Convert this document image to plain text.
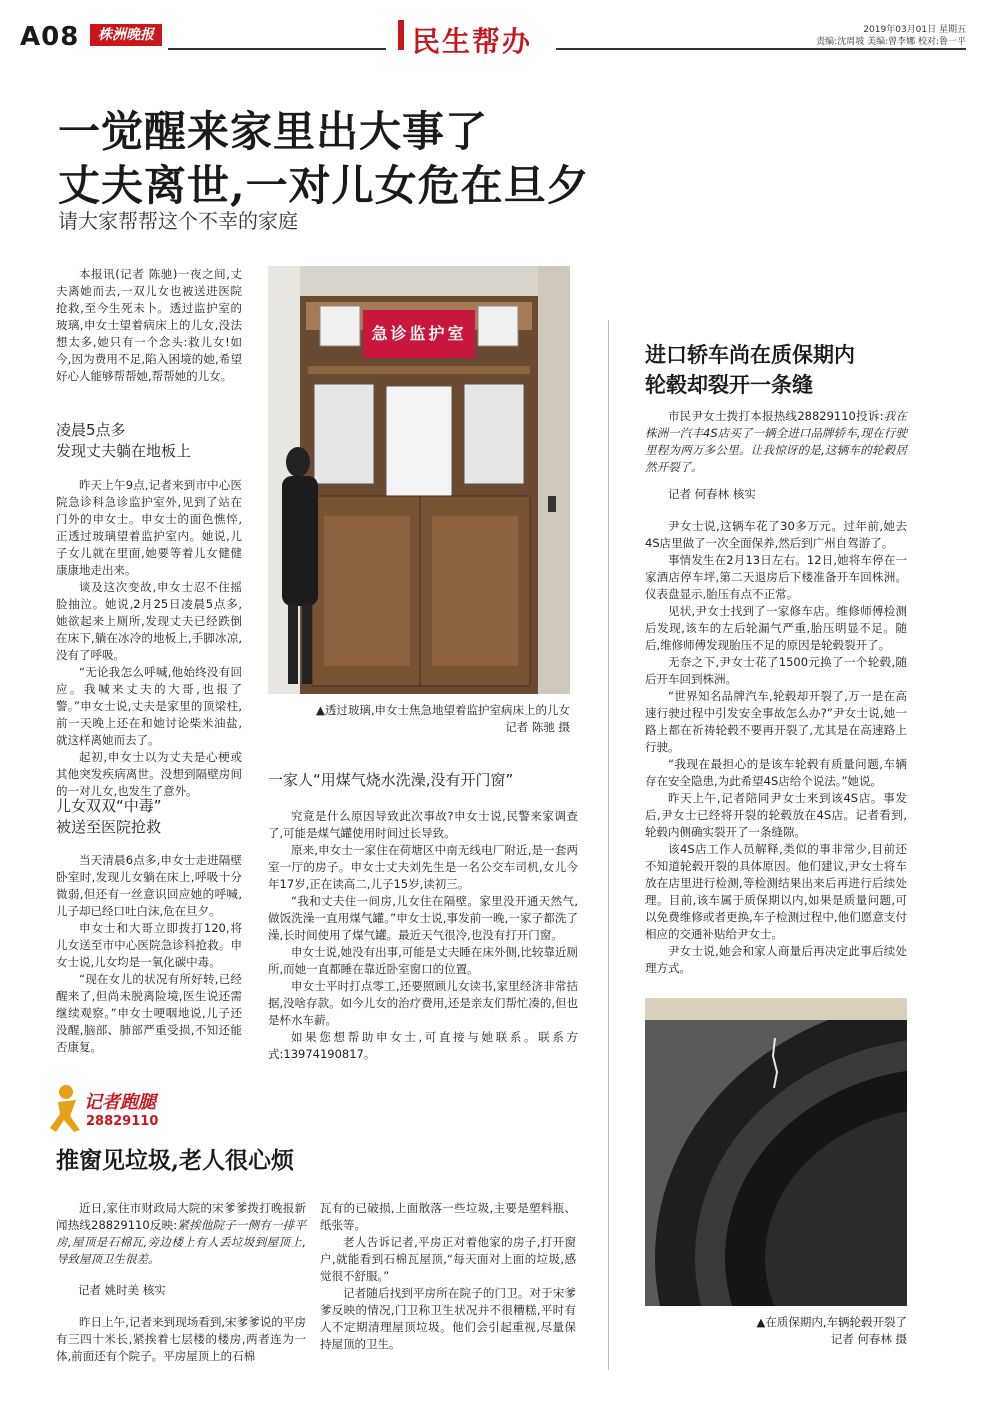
A08	株洲晚报	民生帮办	2019年03月01日 星期五
责编:沈周坡 美编:曾李娜 校对:鲁一平
一觉醒来家里出大事了
丈夫离世,一对儿女危在旦夕
请大家帮帮这个不幸的家庭

本报讯(记者 陈驰)一夜之间,丈夫离她而去,一双儿女也被送进医院抢救,至今生死未卜。透过监护室的玻璃,申女士望着病床上的儿女,没法想太多,她只有一个念头:救儿女!如今,因为费用不足,陷入困境的她,希望好心人能够帮帮她,帮帮她的儿女。

凌晨5点多
发现丈夫躺在地板上

昨天上午9点,记者来到市中心医院急诊科急诊监护室外,见到了站在门外的申女士。申女士的面色憔悴,正透过玻璃望着监护室内。她说,儿子女儿就在里面,她要等着儿女健健康康地走出来。

谈及这次变故,申女士忍不住摇脸抽泣。她说,2月25日凌晨5点多,她欲起来上厕所,发现丈夫已经跌倒在床下,躺在冰冷的地板上,手脚冰凉,没有了呼吸。

“无论我怎么呼喊,他始终没有回应。我喊来丈夫的大哥,也报了警。”申女士说,丈夫是家里的顶梁柱,前一天晚上还在和她讨论柴米油盐,就这样离她而去了。

起初,申女士以为丈夫是心梗或其他突发疾病离世。没想到隔壁房间的一对儿女,也发生了意外。

儿女双双“中毒”
被送至医院抢救

当天清晨6点多,申女士走进隔壁卧室时,发现儿女躺在床上,呼吸十分微弱,但还有一丝意识回应她的呼喊,儿子却已经口吐白沫,危在旦夕。

申女士和大哥立即拨打120,将儿女送至市中心医院急诊科抢救。申女士说,儿女均是一氧化碳中毒。

“现在女儿的状况有所好转,已经醒来了,但尚未脱离险境,医生说还需继续观察。”申女士哽咽地说,儿子还没醒,脑部、肺部严重受损,不知还能否康复。

急诊监护室
▲透过玻璃,申女士焦急地望着监护室病床上的儿女
记者 陈驰 摄
一家人“用煤气烧水洗澡,没有开门窗”

究竟是什么原因导致此次事故?申女士说,民警来家调查了,可能是煤气罐使用时间过长导致。

原来,申女士一家住在荷塘区中南无线电厂附近,是一套两室一厅的房子。申女士丈夫刘先生是一名公交车司机,女儿今年17岁,正在读高二,儿子15岁,读初三。

“我和丈夫住一间房,儿女住在隔壁。家里没开通天然气,做饭洗澡一直用煤气罐。”申女士说,事发前一晚,一家子都洗了澡,长时间使用了煤气罐。最近天气很冷,也没有打开门窗。

申女士说,她没有出事,可能是丈夫睡在床外侧,比较靠近厕所,而她一直都睡在靠近卧室窗口的位置。

申女士平时打点零工,还要照顾儿女读书,家里经济非常拮据,没啥存款。如今儿女的治疗费用,还是亲友们帮忙凑的,但也是杯水车薪。

如果您想帮助申女士,可直接与她联系。联系方式:13974190817。

进口轿车尚在质保期内
轮毂却裂开一条缝

市民尹女士拨打本报热线28829110投诉:我在株洲一汽丰4S店买了一辆全进口品牌轿车,现在行驶里程为两万多公里。让我惊讶的是,这辆车的轮毂居然开裂了。

记者 何春林 核实

尹女士说,这辆车花了30多万元。过年前,她去4S店里做了一次全面保养,然后到广州自驾游了。

事情发生在2月13日左右。12日,她将车停在一家酒店停车坪,第二天退房后下楼准备开车回株洲。仪表盘显示,胎压有点不正常。

见状,尹女士找到了一家修车店。维修师傅检测后发现,该车的左后轮漏气严重,胎压明显不足。随后,维修师傅发现胎压不足的原因是轮毂裂开了。

无奈之下,尹女士花了1500元换了一个轮毂,随后开车回到株洲。

“世界知名品牌汽车,轮毂却开裂了,万一是在高速行驶过程中引发安全事故怎么办?”尹女士说,她一路上都在祈祷轮毂不要再开裂了,尤其是在高速路上行驶。

“我现在最担心的是该车轮毂有质量问题,车辆存在安全隐患,为此希望4S店给个说法。”她说。

昨天上午,记者陪同尹女士来到该4S店。事发后,尹女士已经将开裂的轮毂放在4S店。记者看到,轮毂内侧确实裂开了一条缝隙。

该4S店工作人员解释,类似的事非常少,目前还不知道轮毂开裂的具体原因。他们建议,尹女士将车放在店里进行检测,等检测结果出来后再进行后续处理。目前,该车属于质保期以内,如果是质量问题,可以免费维修或者更换,车子检测过程中,他们愿意支付相应的交通补贴给尹女士。

尹女士说,她会和家人商量后再决定此事后续处理方式。

▲在质保期内,车辆轮毂开裂了
记者 何春林 摄
记者跑腿
28829110
推窗见垃圾,老人很心烦

近日,家住市财政局大院的宋爹爹拨打晚报新闻热线28829110反映:紧挨他院子一侧有一排平房,屋顶是石棉瓦,旁边楼上有人丢垃圾到屋顶上,导致屋顶卫生很差。

记者 姚时美 核实

昨日上午,记者来到现场看到,宋爹爹说的平房有三四十米长,紧挨着七层楼的楼房,两者连为一体,前面还有个院子。平房屋顶上的石棉

瓦有的已破损,上面散落一些垃圾,主要是塑料瓶、纸张等。

老人告诉记者,平房正对着他家的房子,打开窗户,就能看到石棉瓦屋顶,“每天面对上面的垃圾,感觉很不舒服。”

记者随后找到平房所在院子的门卫。对于宋爹爹反映的情况,门卫称卫生状况并不很糟糕,平时有人不定期清理屋顶垃圾。他们会引起重视,尽量保持屋顶的卫生。
